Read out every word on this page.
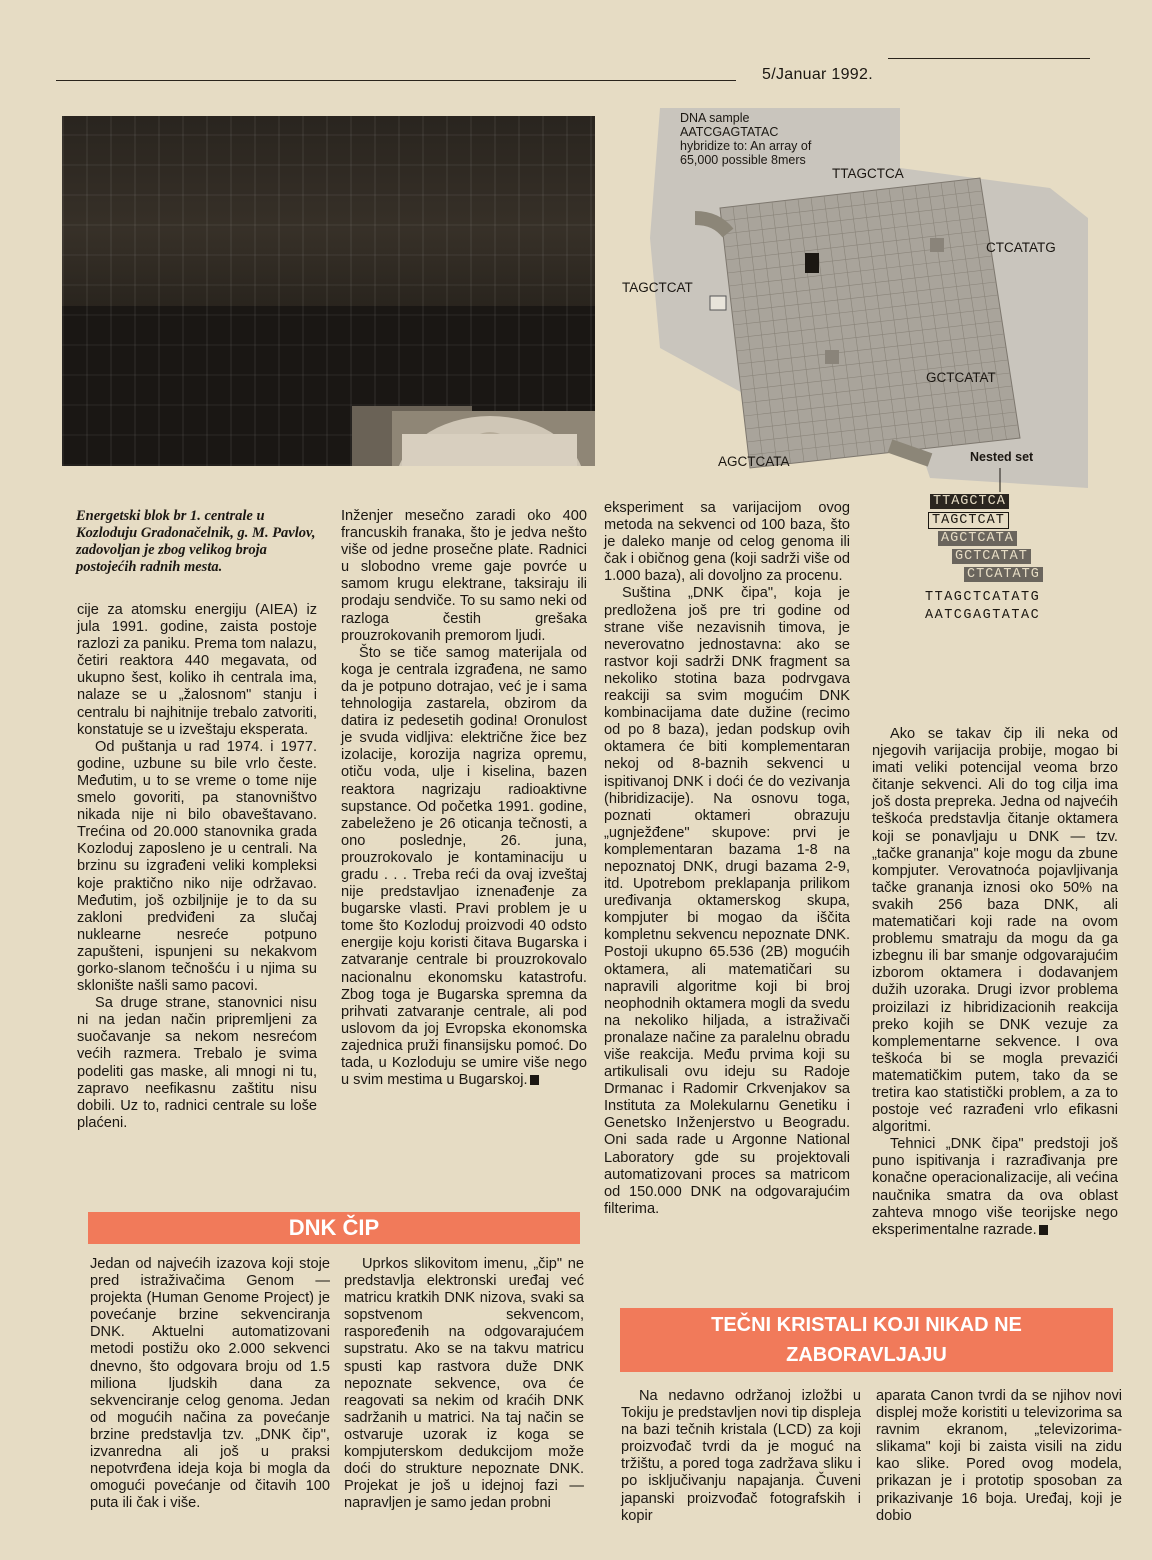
5/Januar 1992.
Energetski blok br 1. centrale u Kozloduju Gradonačelnik, g. M. Pavlov, zadovoljan je zbog velikog broja postojećih radnih mesta.
DNA sample
AATCGAGTATAC
hybridize to: An array of
65,000 possible 8mers
TTAGCTCA
CTCATATG
TAGCTCAT
GCTCATAT
AGCTCATA	Nested set
TTAGCTCA
TAGCTCAT
AGCTCATA
GCTCATAT
CTCATATG
TTAGCTCATATG
AATCGAGTATAC

cije za atomsku energiju (AIEA) iz jula 1991. godine, zaista postoje razlozi za paniku. Prema tom nalazu, četiri reaktora 440 megavata, od ukupno šest, koliko ih centrala ima, nalaze se u „žalosnom" stanju i centralu bi najhitnije trebalo zatvoriti, konstatuje se u izveštaju eksperata.

Od puštanja u rad 1974. i 1977. godine, uzbune su bile vrlo česte. Međutim, u to se vreme o tome nije smelo govoriti, pa stanovništvo nikada nije ni bilo obaveštavano. Trećina od 20.000 stanovnika grada Kozloduj zaposleno je u centrali. Na brzinu su izgrađeni veliki kompleksi koje praktično niko nije održavao. Međutim, još ozbiljnije je to da su zakloni predviđeni za slučaj nuklearne nesreće potpuno zapušteni, ispunjeni su nekakvom gorko-slanom tečnošću i u njima su sklonište našli samo pacovi.

Sa druge strane, stanovnici nisu ni na jedan način pripremljeni za suočavanje sa nekom nesrećom većih razmera. Trebalo je svima podeliti gas maske, ali mnogi ni tu, zapravo neefikasnu zaštitu nisu dobili. Uz to, radnici centrale su loše plaćeni.

Inženjer mesečno zaradi oko 400 francuskih franaka, što je jedva nešto više od jedne prosečne plate. Radnici u slobodno vreme gaje povrće u samom krugu elektrane, taksiraju ili prodaju sendviče. To su samo neki od razloga čestih grešaka prouzrokovanih premorom ljudi.

Što se tiče samog materijala od koga je centrala izgrađena, ne samo da je potpuno dotrajao, već je i sama tehnologija zastarela, obzirom da datira iz pedesetih godina! Oronulost je svuda vidljiva: električne žice bez izolacije, korozija nagriza opremu, otiču voda, ulje i kiselina, bazen reaktora nagrizaju radioaktivne supstance. Od početka 1991. godine, zabeleženo je 26 oticanja tečnosti, a ono poslednje, 26. juna, prouzrokovalo je kontaminaciju u gradu . . . Treba reći da ovaj izveštaj nije predstavljao iznenađenje za bugarske vlasti. Pravi problem je u tome što Kozloduj proizvodi 40 odsto energije koju koristi čitava Bugarska i zatvaranje centrale bi prouzrokovalo nacionalnu ekonomsku katastrofu. Zbog toga je Bugarska spremna da prihvati zatvaranje centrale, ali pod uslovom da joj Evropska ekonomska zajednica pruži finansijsku pomoć. Do tada, u Kozloduju se umire više nego u svim mestima u Bugarskoj.

eksperiment sa varijacijom ovog metoda na sekvenci od 100 baza, što je daleko manje od celog genoma ili čak i običnog gena (koji sadrži više od 1.000 baza), ali dovoljno za procenu.

Suština „DNK čipa", koja je predložena još pre tri godine od strane više nezavisnih timova, je neverovatno jednostavna: ako se rastvor koji sadrži DNK fragment sa nekoliko stotina baza podrvgava reakciji sa svim mogućim DNK kombinacijama date dužine (recimo od po 8 baza), jedan podskup ovih oktamera će biti komplementaran nekoj od 8-baznih sekvenci u ispitivanoj DNK i doći će do vezivanja (hibridizacije). Na osnovu toga, poznati oktameri obrazuju „ugnježđene" skupove: prvi je komplementaran bazama 1-8 na nepoznatoj DNK, drugi bazama 2-9, itd. Upotrebom preklapanja prilikom uređivanja oktamerskog skupa, kompjuter bi mogao da iščita kompletnu sekvencu nepoznate DNK. Postoji ukupno 65.536 (2B) mogućih oktamera, ali matematičari su napravili algoritme koji bi broj neophodnih oktamera mogli da svedu na nekoliko hiljada, a istraživači pronalaze načine za paralelnu obradu više reakcija. Među prvima koji su artikulisali ovu ideju su Radoje Drmanac i Radomir Crkvenjakov sa Instituta za Molekularnu Genetiku i Genetsko Inženjerstvo u Beogradu. Oni sada rade u Argonne National Laboratory gde su projektovali automatizovani proces sa matricom od 150.000 DNK na odgovarajućim filterima.

Ako se takav čip ili neka od njegovih varijacija probije, mogao bi imati veliki potencijal veoma brzo čitanje sekvenci. Ali do tog cilja ima još dosta prepreka. Jedna od najvećih teškoća predstavlja čitanje oktamera koji se ponavljaju u DNK — tzv. „tačke grananja" koje mogu da zbune kompjuter. Verovatnoća pojavljivanja tačke grananja iznosi oko 50% na svakih 256 baza DNK, ali matematičari koji rade na ovom problemu smatraju da mogu da ga izbegnu ili bar smanje odgovarajućim izborom oktamera i dodavanjem dužih uzoraka. Drugi izvor problema proizilazi iz hibridizacionih reakcija preko kojih se DNK vezuje za komplementarne sekvence. I ova teškoća bi se mogla prevazići matematičkim putem, tako da se tretira kao statistički problem, a za to postoje već razrađeni vrlo efikasni algoritmi.

Tehnici „DNK čipa" predstoji još puno ispitivanja i razrađivanja pre konačne operacionalizacije, ali većina naučnika smatra da ova oblast zahteva mnogo više teorijske nego eksperimentalne razrade.

DNK ČIP

Jedan od najvećih izazova koji stoje pred istraživačima Genom — projekta (Human Genome Project) je povećanje brzine sekvenciranja DNK. Aktuelni automatizovani metodi postižu oko 2.000 sekvenci dnevno, što odgovara broju od 1.5 miliona ljudskih dana za sekvenciranje celog genoma. Jedan od mogućih načina za povećanje brzine predstavlja tzv. „DNK čip", izvanredna ali još u praksi nepotvrđena ideja koja bi mogla da omogući povećanje od čitavih 100 puta ili čak i više.

Uprkos slikovitom imenu, „čip" ne predstavlja elektronski uređaj već matricu kratkih DNK nizova, svaki sa sopstvenom sekvencom, raspoređenih na odgovarajućem supstratu. Ako se na takvu matricu spusti kap rastvora duže DNK nepoznate sekvence, ova će reagovati sa nekim od kraćih DNK sadržanih u matrici. Na taj način se ostvaruje uzorak iz koga se kompjuterskom dedukcijom može doći do strukture nepoznate DNK. Projekat je još u idejnoj fazi — napravljen je samo jedan probni

TEČNI KRISTALI KOJI NIKAD NE
ZABORAVLJAJU

Na nedavno održanoj izložbi u Tokiju je predstavljen novi tip displeja na bazi tečnih kristala (LCD) za koji proizvođač tvrdi da je moguć na tržištu, a pored toga zadržava sliku i po isključivanju napajanja. Čuveni japanski proizvođač fotografskih i kopir

aparata Canon tvrdi da se njihov novi displej može koristiti u televizorima sa ravnim ekranom, „televizorima-slikama" koji bi zaista visili na zidu kao slike. Pored ovog modela, prikazan je i prototip sposoban za prikazivanje 16 boja. Uređaj, koji je dobio
